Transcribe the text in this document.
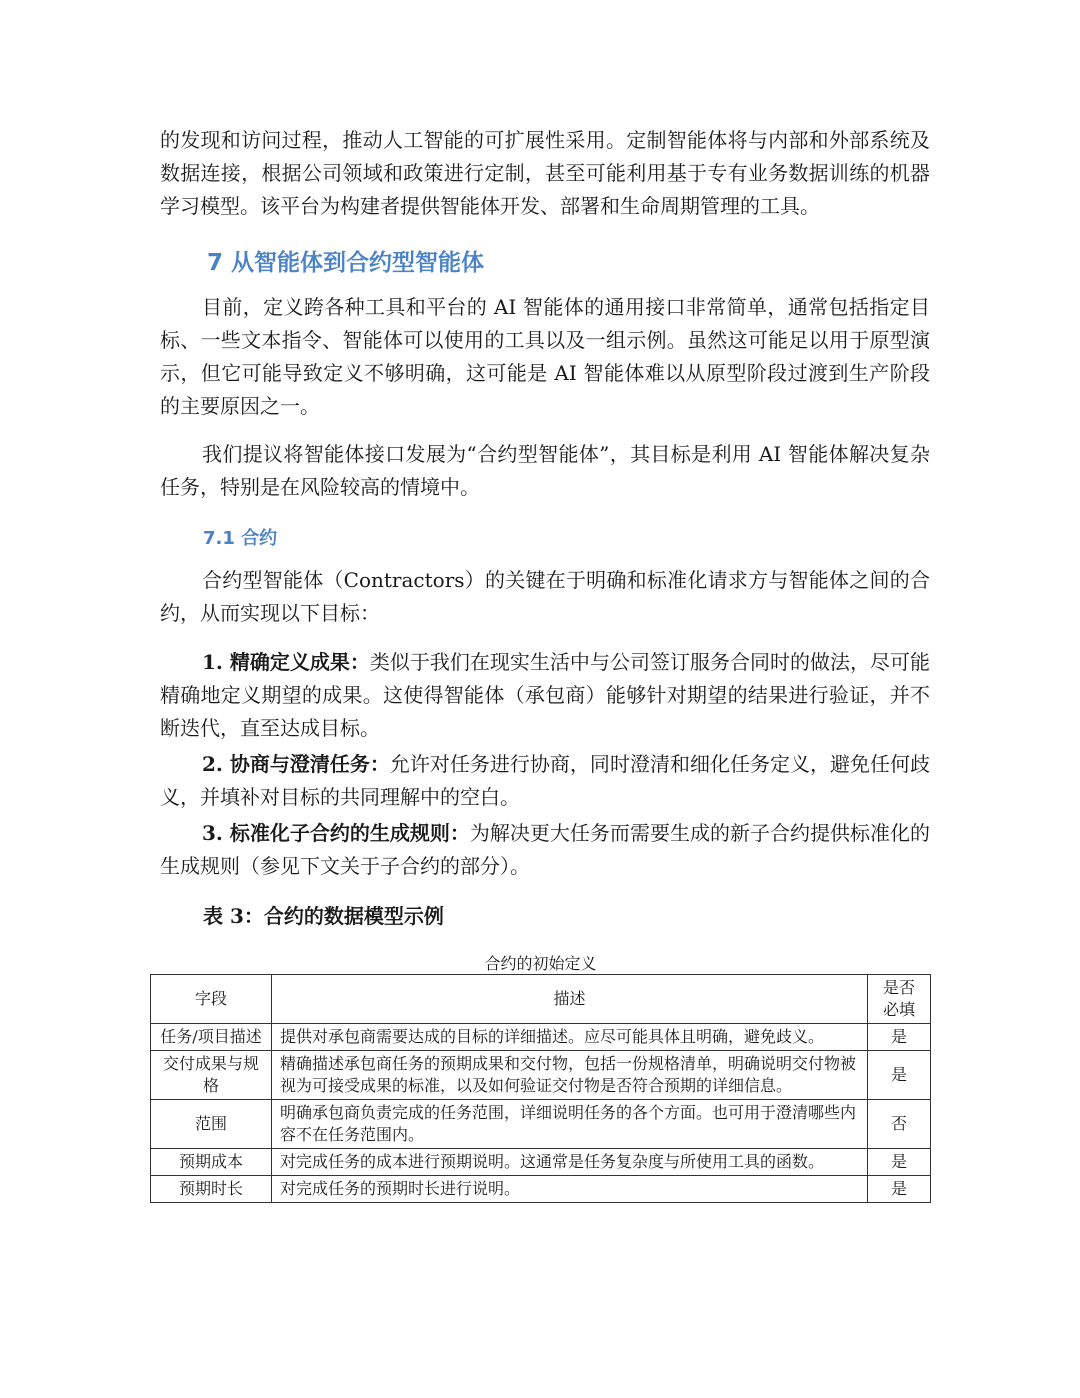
的发现和访问过程，推动人工智能的可扩展性采用。定制智能体将与内部和外部系统及数据连接，根据公司领域和政策进行定制，甚至可能利用基于专有业务数据训练的机器学习模型。该平台为构建者提供智能体开发、部署和生命周期管理的工具。

7 从智能体到合约型智能体

目前，定义跨各种工具和平台的 AI 智能体的通用接口非常简单，通常包括指定目标、一些文本指令、智能体可以使用的工具以及一组示例。虽然这可能足以用于原型演示，但它可能导致定义不够明确，这可能是 AI 智能体难以从原型阶段过渡到生产阶段的主要原因之一。

我们提议将智能体接口发展为“合约型智能体”，其目标是利用 AI 智能体解决复杂任务，特别是在风险较高的情境中。

7.1 合约

合约型智能体（Contractors）的关键在于明确和标准化请求方与智能体之间的合约，从而实现以下目标：

1. 精确定义成果：类似于我们在现实生活中与公司签订服务合同时的做法，尽可能精确地定义期望的成果。这使得智能体（承包商）能够针对期望的结果进行验证，并不断迭代，直至达成目标。

2. 协商与澄清任务：允许对任务进行协商，同时澄清和细化任务定义，避免任何歧义，并填补对目标的共同理解中的空白。

3. 标准化子合约的生成规则：为解决更大任务而需要生成的新子合约提供标准化的生成规则（参见下文关于子合约的部分）。

表 3：合约的数据模型示例

合约的初始定义

字段	描述	是否必填
任务/项目描述	提供对承包商需要达成的目标的详细描述。应尽可能具体且明确，避免歧义。	是
交付成果与规格	精确描述承包商任务的预期成果和交付物，包括一份规格清单，明确说明交付物被视为可接受成果的标准，以及如何验证交付物是否符合预期的详细信息。	是
范围	明确承包商负责完成的任务范围，详细说明任务的各个方面。也可用于澄清哪些内容不在任务范围内。	否
预期成本	对完成任务的成本进行预期说明。这通常是任务复杂度与所使用工具的函数。	是
预期时长	对完成任务的预期时长进行说明。	是
